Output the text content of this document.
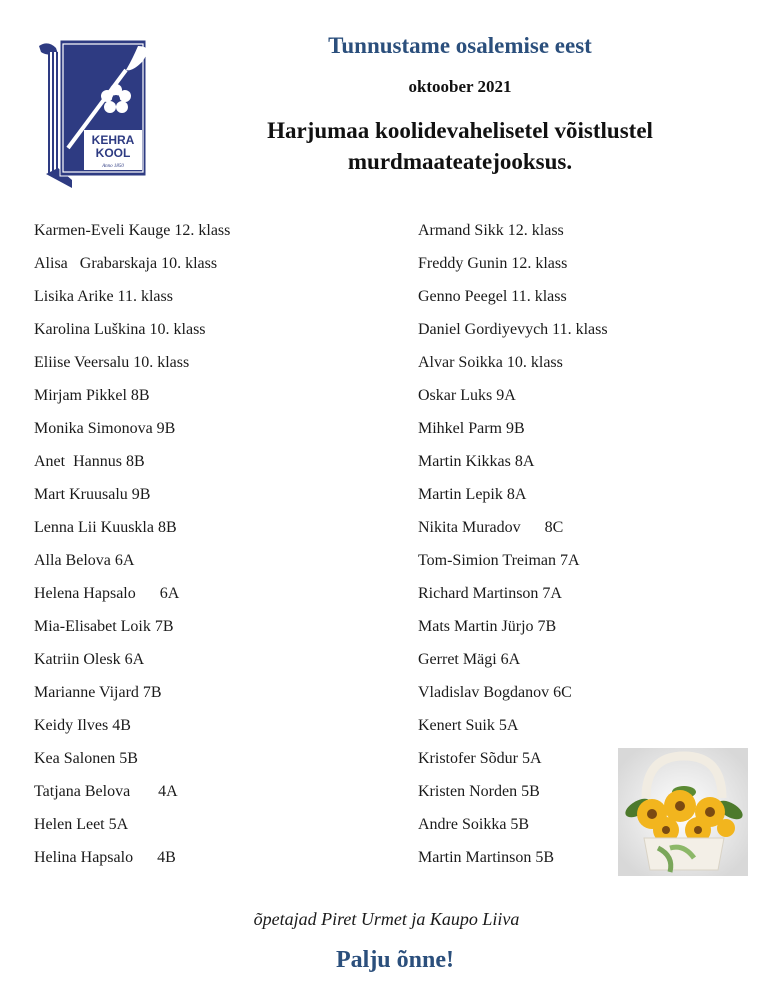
KEHRA
KOOL
Anno 1850
Tunnustame osalemise eest
oktoober 2021
Harjumaa koolidevahelisetel võistlustel
murdmaateatejooksus.
Karmen-Eveli Kauge 12. klass
Alisa   Grabarskaja 10. klass
Lisika Arike 11. klass
Karolina Luškina 10. klass
Eliise Veersalu 10. klass
Mirjam Pikkel 8B
Monika Simonova 9B
Anet  Hannus 8B
Mart Kruusalu 9B
Lenna Lii Kuuskla 8B
Alla Belova 6A
Helena Hapsalo      6A
Mia-Elisabet Loik 7B
Katriin Olesk 6A
Marianne Vijard 7B
Keidy Ilves 4B
Kea Salonen 5B
Tatjana Belova       4A
Helen Leet 5A
Helina Hapsalo      4B
Armand Sikk 12. klass
Freddy Gunin 12. klass
Genno Peegel 11. klass
Daniel Gordiyevych 11. klass
Alvar Soikka 10. klass
Oskar Luks 9A
Mihkel Parm 9B
Martin Kikkas 8A
Martin Lepik 8A
Nikita Muradov      8C
Tom-Simion Treiman 7A
Richard Martinson 7A
Mats Martin Jürjo 7B
Gerret Mägi 6A
Vladislav Bogdanov 6C
Kenert Suik 5A
Kristofer Sõdur 5A
Kristen Norden 5B
Andre Soikka 5B
Martin Martinson 5B
õpetajad Piret Urmet ja Kaupo Liiva
Palju õnne!
